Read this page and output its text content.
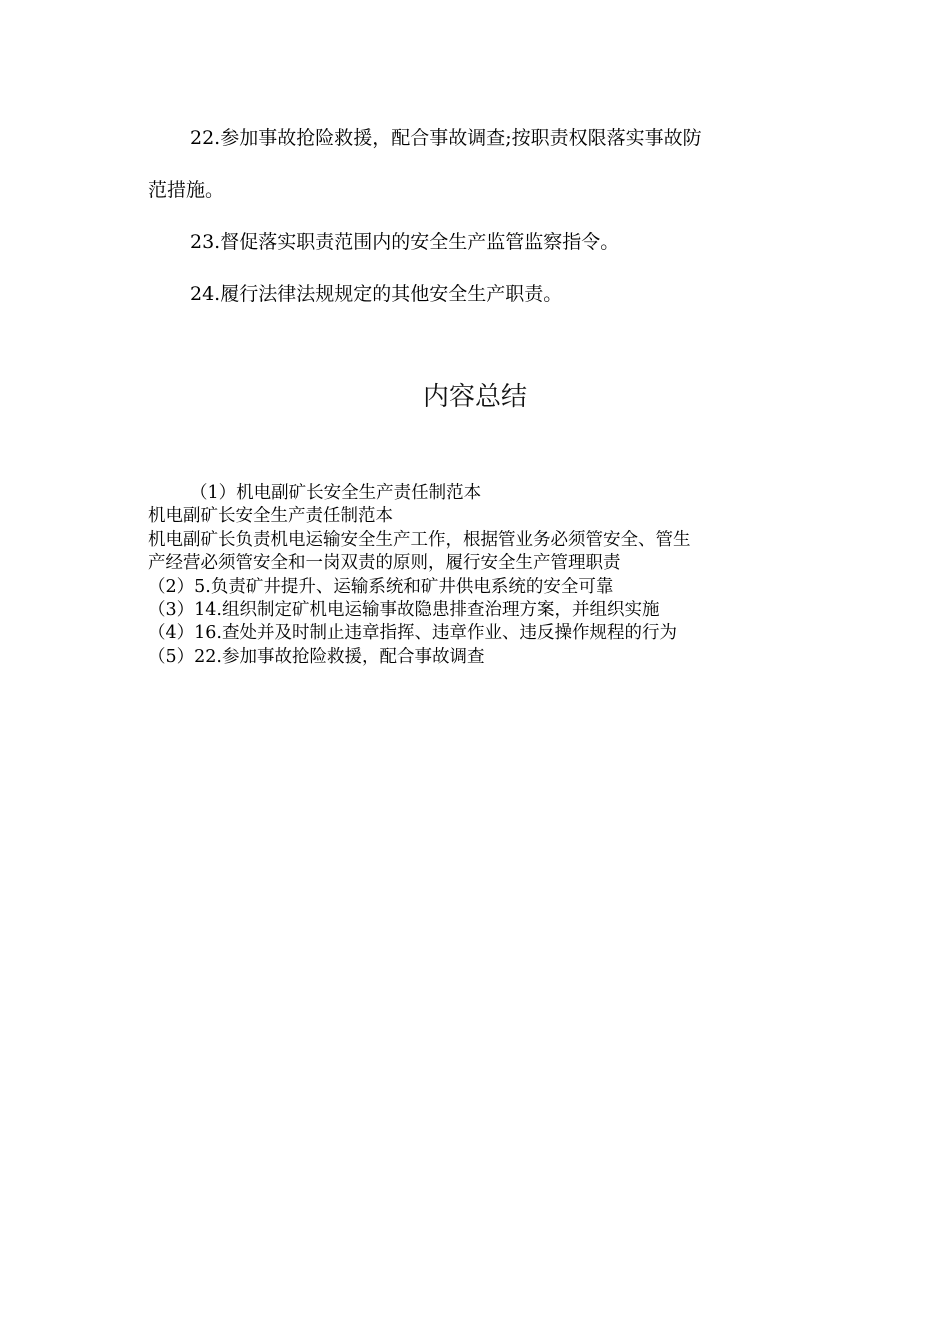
22.参加事故抢险救援，配合事故调查;按职责权限落实事故防
范措施。
23.督促落实职责范围内的安全生产监管监察指令。
24.履行法律法规规定的其他安全生产职责。
内容总结
（1）机电副矿长安全生产责任制范本
机电副矿长安全生产责任制范本
机电副矿长负责机电运输安全生产工作，根据管业务必须管安全、管生
产经营必须管安全和一岗双责的原则，履行安全生产管理职责
（2）5.负责矿井提升、运输系统和矿井供电系统的安全可靠
（3）14.组织制定矿机电运输事故隐患排查治理方案，并组织实施
（4）16.查处并及时制止违章指挥、违章作业、违反操作规程的行为
（5）22.参加事故抢险救援，配合事故调查
